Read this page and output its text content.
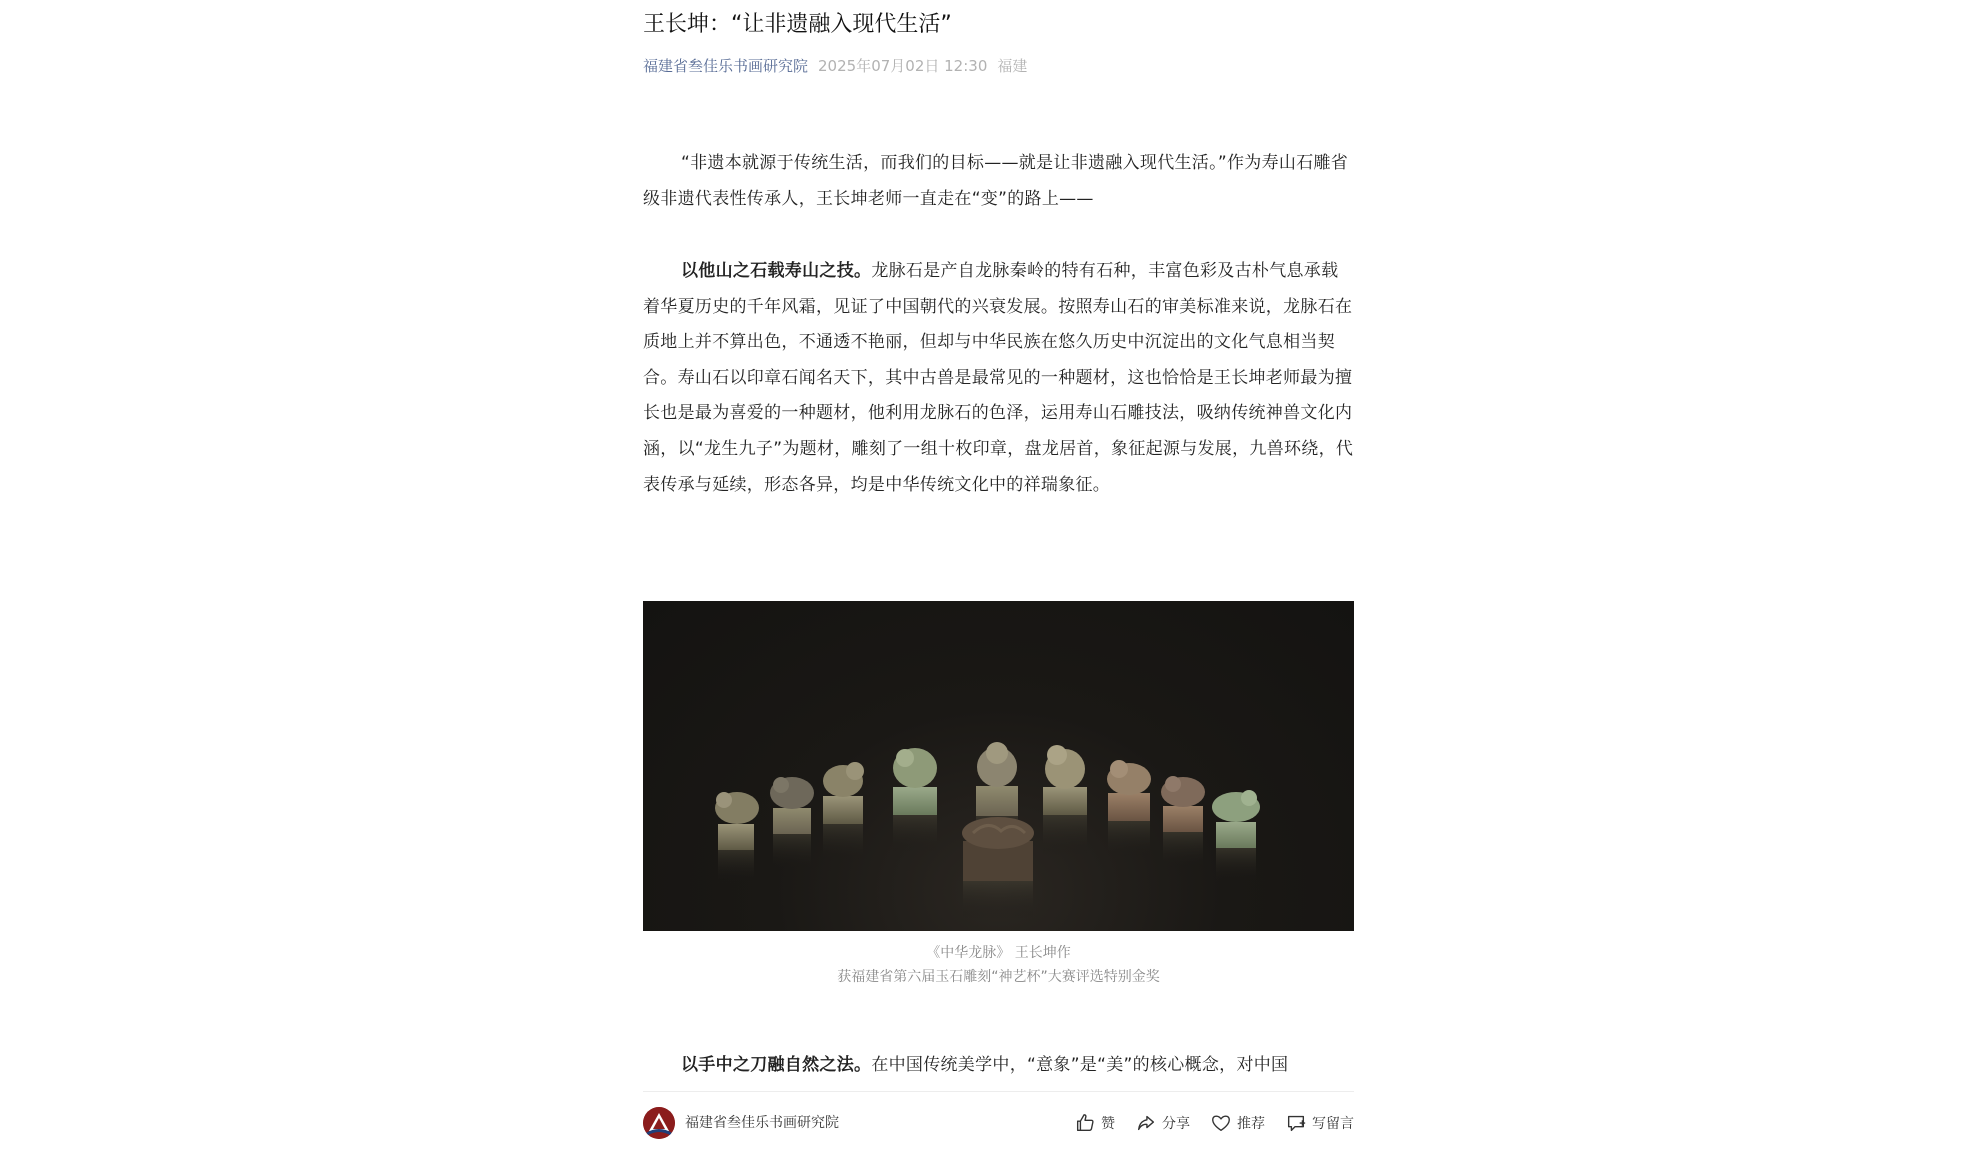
王长坤：“让非遗融入现代生活”
福建省叁佳乐书画研究院 2025年07月02日 12:30 福建

“非遗本就源于传统生活，而我们的目标——就是让非遗融入现代生活。”作为寿山石雕省级非遗代表性传承人，王长坤老师一直走在“变”的路上——

以他山之石载寿山之技。龙脉石是产自龙脉秦岭的特有石种，丰富色彩及古朴气息承载着华夏历史的千年风霜，见证了中国朝代的兴衰发展。按照寿山石的审美标准来说，龙脉石在质地上并不算出色，不通透不艳丽，但却与中华民族在悠久历史中沉淀出的文化气息相当契合。寿山石以印章石闻名天下，其中古兽是最常见的一种题材，这也恰恰是王长坤老师最为擅长也是最为喜爱的一种题材，他利用龙脉石的色泽，运用寿山石雕技法，吸纳传统神兽文化内涵，以“龙生九子”为题材，雕刻了一组十枚印章，盘龙居首，象征起源与发展，九兽环绕，代表传承与延续，形态各异，均是中华传统文化中的祥瑞象征。

《中华龙脉》 王长坤作
获福建省第六届玉石雕刻“神艺杯”大赛评选特别金奖

以手中之刀融自然之法。在中国传统美学中，“意象”是“美”的核心概念，对中国

福建省叁佳乐书画研究院	赞	分享	推荐	写留言
